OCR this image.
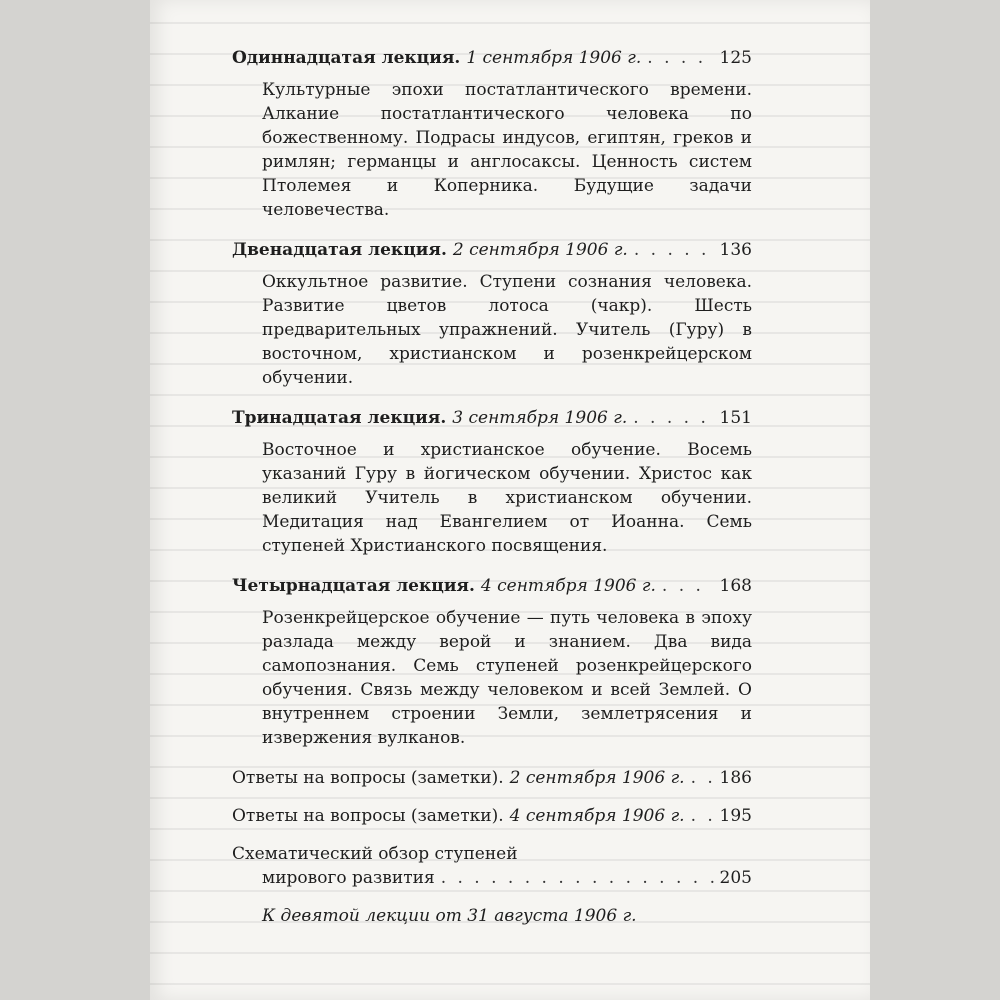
Одиннадцатая лекция. 1 сентября 1906 г. . . .	125
Культурные эпохи постатлантического времени. Алкание постатлантического человека по божественному. Подрасы индусов, египтян, греков и римлян; германцы и англосаксы. Ценность систем Птолемея и Коперника. Будущие задачи человечества.
Двенадцатая лекция. 2 сентября 1906 г. . . .	136
Оккультное развитие. Ступени сознания человека. Развитие цветов лотоса (чакр). Шесть предварительных упражнений. Учитель (Гуру) в восточном, христианском и розенкрейцерском обучении.
Тринадцатая лекция. 3 сентября 1906 г. . . .	151
Восточное и христианское обучение. Восемь указаний Гуру в йогическом обучении. Христос как великий Учитель в христианском обучении. Медитация над Евангелием от Иоанна. Семь ступеней Христианского посвящения.
Четырнадцатая лекция. 4 сентября 1906 г. . . .	168
Розенкрейцерское обучение — путь человека в эпоху разлада между верой и знанием. Два вида самопознания. Семь ступеней розенкрейцерского обучения. Связь между человеком и всей Землей. О внутреннем строении Земли, землетрясения и извержения вулканов.
Ответы на вопросы (заметки). 2 сентября 1906 г. . . . 186
Ответы на вопросы (заметки). 4 сентября 1906 г. . . . 195
Схематический обзор ступеней
мирового развития . . .	205
К девятой лекции от 31 августа 1906 г.
